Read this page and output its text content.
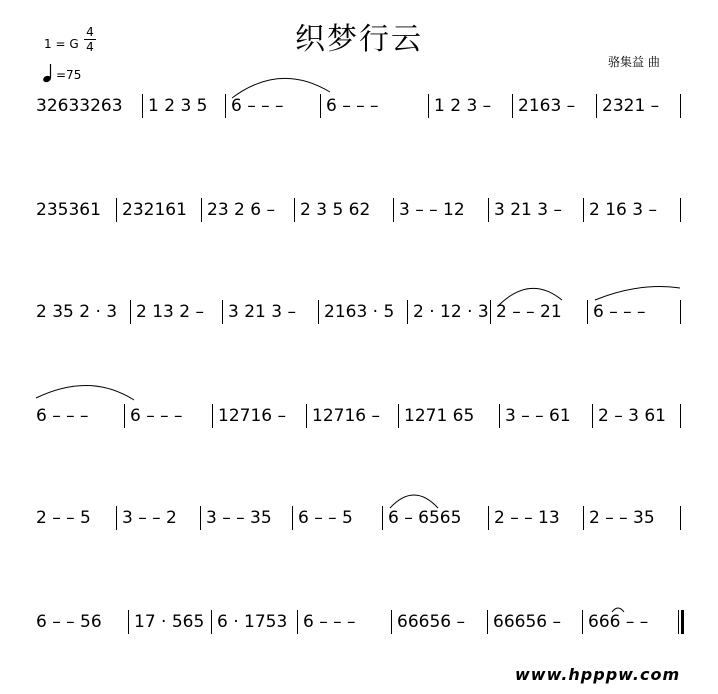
织梦行云
1 = G $\frac{4}{4}$
=75
骆集益 曲
32633263 1 2 3 5 6 – – – 6 – – –	1 2 3 – 2163 – 2321 –
235361 232161 23 2 6 – 2 3 5 62 3 – – 12 3 21 3 – 2 16 3 –
2 35 2 · 3 2 13 2 – 3 21 3 – 2163 · 5 2 · 12 · 3 2 – – 21 6 – – –
6 – – – 6 – – – 12716 – 12716 – 1271 65 3 – – 61 2 – 3 61
2 – – 5 3 – – 2 3 – – 35 6 – – 5 6 – 6565 2 – – 13 2 – – 35
6 – – 56 17 · 565 6 · 1753 6 – – – 66656 – 66656 – 666 – –
www.hpppw.com
